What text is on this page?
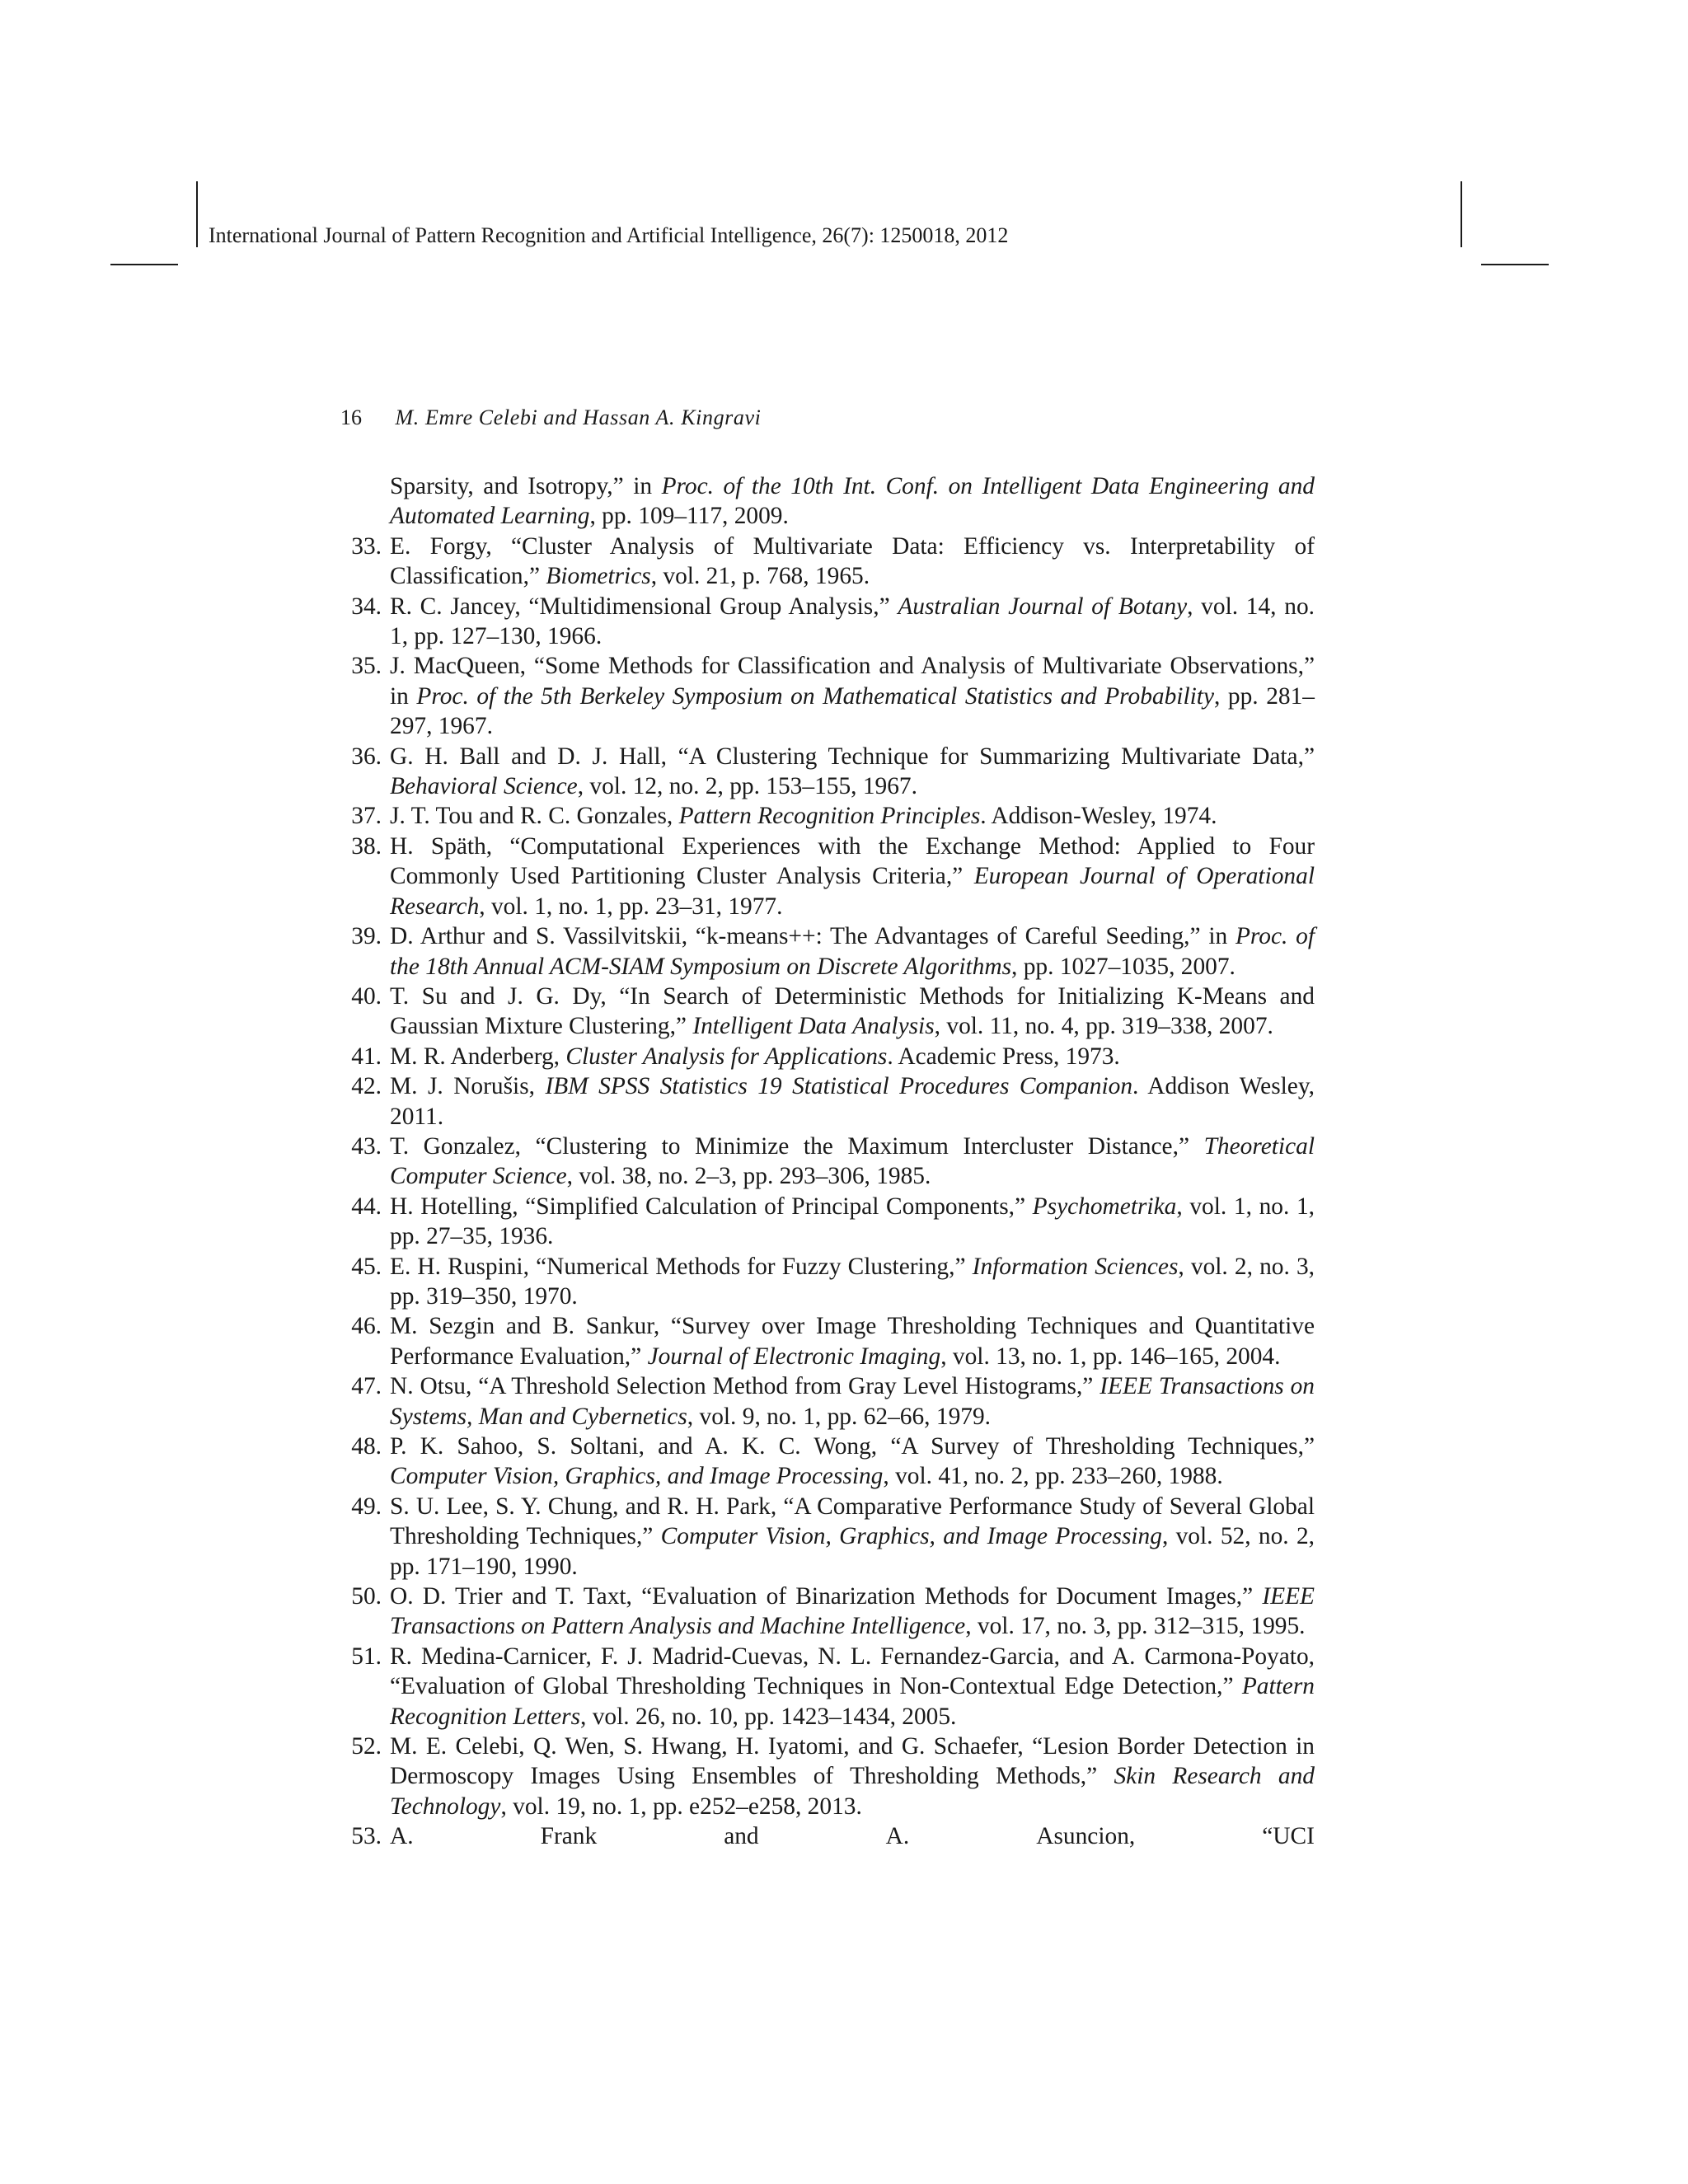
International Journal of Pattern Recognition and Artificial Intelligence, 26(7): 1250018, 2012
16 M. Emre Celebi and Hassan A. Kingravi
Sparsity, and Isotropy,” in Proc. of the 10th Int. Conf. on Intelligent Data Engineering and Automated Learning, pp. 109–117, 2009.
33. E. Forgy, “Cluster Analysis of Multivariate Data: Efficiency vs. Interpretability of Classification,” Biometrics, vol. 21, p. 768, 1965.
34. R. C. Jancey, “Multidimensional Group Analysis,” Australian Journal of Botany, vol. 14, no. 1, pp. 127–130, 1966.
35. J. MacQueen, “Some Methods for Classification and Analysis of Multivariate Observations,” in Proc. of the 5th Berkeley Symposium on Mathematical Statistics and Probability, pp. 281–297, 1967.
36. G. H. Ball and D. J. Hall, “A Clustering Technique for Summarizing Multivariate Data,” Behavioral Science, vol. 12, no. 2, pp. 153–155, 1967.
37. J. T. Tou and R. C. Gonzales, Pattern Recognition Principles. Addison-Wesley, 1974.
38. H. Späth, “Computational Experiences with the Exchange Method: Applied to Four Commonly Used Partitioning Cluster Analysis Criteria,” European Journal of Operational Research, vol. 1, no. 1, pp. 23–31, 1977.
39. D. Arthur and S. Vassilvitskii, “k-means++: The Advantages of Careful Seeding,” in Proc. of the 18th Annual ACM-SIAM Symposium on Discrete Algorithms, pp. 1027–1035, 2007.
40. T. Su and J. G. Dy, “In Search of Deterministic Methods for Initializing K-Means and Gaussian Mixture Clustering,” Intelligent Data Analysis, vol. 11, no. 4, pp. 319–338, 2007.
41. M. R. Anderberg, Cluster Analysis for Applications. Academic Press, 1973.
42. M. J. Norušis, IBM SPSS Statistics 19 Statistical Procedures Companion. Addison Wesley, 2011.
43. T. Gonzalez, “Clustering to Minimize the Maximum Intercluster Distance,” Theoretical Computer Science, vol. 38, no. 2–3, pp. 293–306, 1985.
44. H. Hotelling, “Simplified Calculation of Principal Components,” Psychometrika, vol. 1, no. 1, pp. 27–35, 1936.
45. E. H. Ruspini, “Numerical Methods for Fuzzy Clustering,” Information Sciences, vol. 2, no. 3, pp. 319–350, 1970.
46. M. Sezgin and B. Sankur, “Survey over Image Thresholding Techniques and Quantitative Performance Evaluation,” Journal of Electronic Imaging, vol. 13, no. 1, pp. 146–165, 2004.
47. N. Otsu, “A Threshold Selection Method from Gray Level Histograms,” IEEE Transactions on Systems, Man and Cybernetics, vol. 9, no. 1, pp. 62–66, 1979.
48. P. K. Sahoo, S. Soltani, and A. K. C. Wong, “A Survey of Thresholding Techniques,” Computer Vision, Graphics, and Image Processing, vol. 41, no. 2, pp. 233–260, 1988.
49. S. U. Lee, S. Y. Chung, and R. H. Park, “A Comparative Performance Study of Several Global Thresholding Techniques,” Computer Vision, Graphics, and Image Processing, vol. 52, no. 2, pp. 171–190, 1990.
50. O. D. Trier and T. Taxt, “Evaluation of Binarization Methods for Document Images,” IEEE Transactions on Pattern Analysis and Machine Intelligence, vol. 17, no. 3, pp. 312–315, 1995.
51. R. Medina-Carnicer, F. J. Madrid-Cuevas, N. L. Fernandez-Garcia, and A. Carmona-Poyato, “Evaluation of Global Thresholding Techniques in Non-Contextual Edge Detection,” Pattern Recognition Letters, vol. 26, no. 10, pp. 1423–1434, 2005.
52. M. E. Celebi, Q. Wen, S. Hwang, H. Iyatomi, and G. Schaefer, “Lesion Border Detection in Dermoscopy Images Using Ensembles of Thresholding Methods,” Skin Research and Technology, vol. 19, no. 1, pp. e252–e258, 2013.
53. A.	Frank	and	A.	Asuncion,	“UCI
